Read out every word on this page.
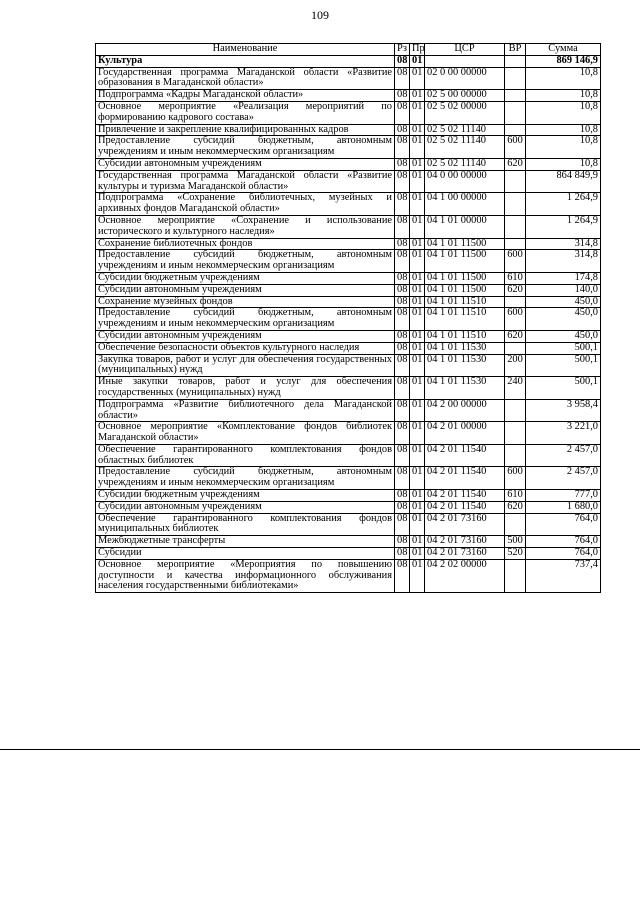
109
Наименование	Рз	Пр	ЦСР	ВР	Сумма
Культура	08	01			869 146,9
Государственная программа Магаданской области «Развитие образования в Магаданской области»	08	01	02 0 00 00000		10,8
Подпрограмма «Кадры Магаданской области»	08	01	02 5 00 00000		10,8
Основное мероприятие «Реализация мероприятий по формированию кадрового состава»	08	01	02 5 02 00000		10,8
Привлечение и закрепление квалифицированных кадров	08	01	02 5 02 11140		10,8
Предоставление субсидий бюджетным, автономным учреждениям и иным некоммерческим организациям	08	01	02 5 02 11140	600	10,8
Субсидии автономным учреждениям	08	01	02 5 02 11140	620	10,8
Государственная программа Магаданской области «Развитие культуры и туризма Магаданской области»	08	01	04 0 00 00000		864 849,9
Подпрограмма «Сохранение библиотечных, музейных и архивных фондов Магаданской области»	08	01	04 1 00 00000		1 264,9
Основное мероприятие «Сохранение и использование исторического и культурного наследия»	08	01	04 1 01 00000		1 264,9
Сохранение библиотечных фондов	08	01	04 1 01 11500		314,8
Предоставление субсидий бюджетным, автономным учреждениям и иным некоммерческим организациям	08	01	04 1 01 11500	600	314,8
Субсидии бюджетным учреждениям	08	01	04 1 01 11500	610	174,8
Субсидии автономным учреждениям	08	01	04 1 01 11500	620	140,0
Сохранение музейных фондов	08	01	04 1 01 11510		450,0
Предоставление субсидий бюджетным, автономным учреждениям и иным некоммерческим организациям	08	01	04 1 01 11510	600	450,0
Субсидии автономным учреждениям	08	01	04 1 01 11510	620	450,0
Обеспечение безопасности объектов культурного наследия	08	01	04 1 01 11530		500,1
Закупка товаров, работ и услуг для обеспечения государственных (муниципальных) нужд	08	01	04 1 01 11530	200	500,1
Иные закупки товаров, работ и услуг для обеспечения государственных (муниципальных) нужд	08	01	04 1 01 11530	240	500,1
Подпрограмма «Развитие библиотечного дела Магаданской области»	08	01	04 2 00 00000		3 958,4
Основное мероприятие «Комплектование фондов библиотек Магаданской области»	08	01	04 2 01 00000		3 221,0
Обеспечение гарантированного комплектования фондов областных библиотек	08	01	04 2 01 11540		2 457,0
Предоставление субсидий бюджетным, автономным учреждениям и иным некоммерческим организациям	08	01	04 2 01 11540	600	2 457,0
Субсидии бюджетным учреждениям	08	01	04 2 01 11540	610	777,0
Субсидии автономным учреждениям	08	01	04 2 01 11540	620	1 680,0
Обеспечение гарантированного комплектования фондов муниципальных библиотек	08	01	04 2 01 73160		764,0
Межбюджетные трансферты	08	01	04 2 01 73160	500	764,0
Субсидии	08	01	04 2 01 73160	520	764,0
Основное мероприятие «Мероприятия по повышению доступности и качества информационного обслуживания населения государственными библиотеками»	08	01	04 2 02 00000		737,4
